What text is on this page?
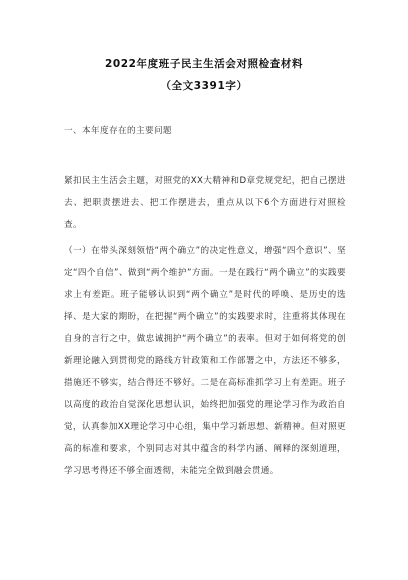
2022年度班子民主生活会对照检查材料
（全文3391字）
一、本年度存在的主要问题
紧扣民主生活会主题，对照党的XX大精神和D章党规党纪，把自己摆进去、把职责摆进去、把工作摆进去，重点从以下6个方面进行对照检查。
（一）在带头深刻领悟“两个确立”的决定性意义，增强“四个意识”、坚定“四个自信”、做到“两个维护”方面。一是在践行“两个确立”的实践要求上有差距。班子能够认识到“两个确立”是时代的呼唤、是历史的选择、是大家的期盼，在把握“两个确立”的实践要求时，注重将其体现在自身的言行之中，做忠诚拥护“两个确立”的表率。但对于如何将党的创新理论融入到贯彻党的路线方针政策和工作部署之中，方法还不够多，措施还不够实，结合得还不够好。二是在高标准抓学习上有差距。班子以高度的政治自觉深化思想认识，始终把加强党的理论学习作为政治自觉，认真参加XX理论学习中心组，集中学习新思想、新精神。但对照更高的标准和要求，个别同志对其中蕴含的科学内涵、阐释的深刻道理，学习思考得还不够全面透彻，未能完全做到融会贯通。
